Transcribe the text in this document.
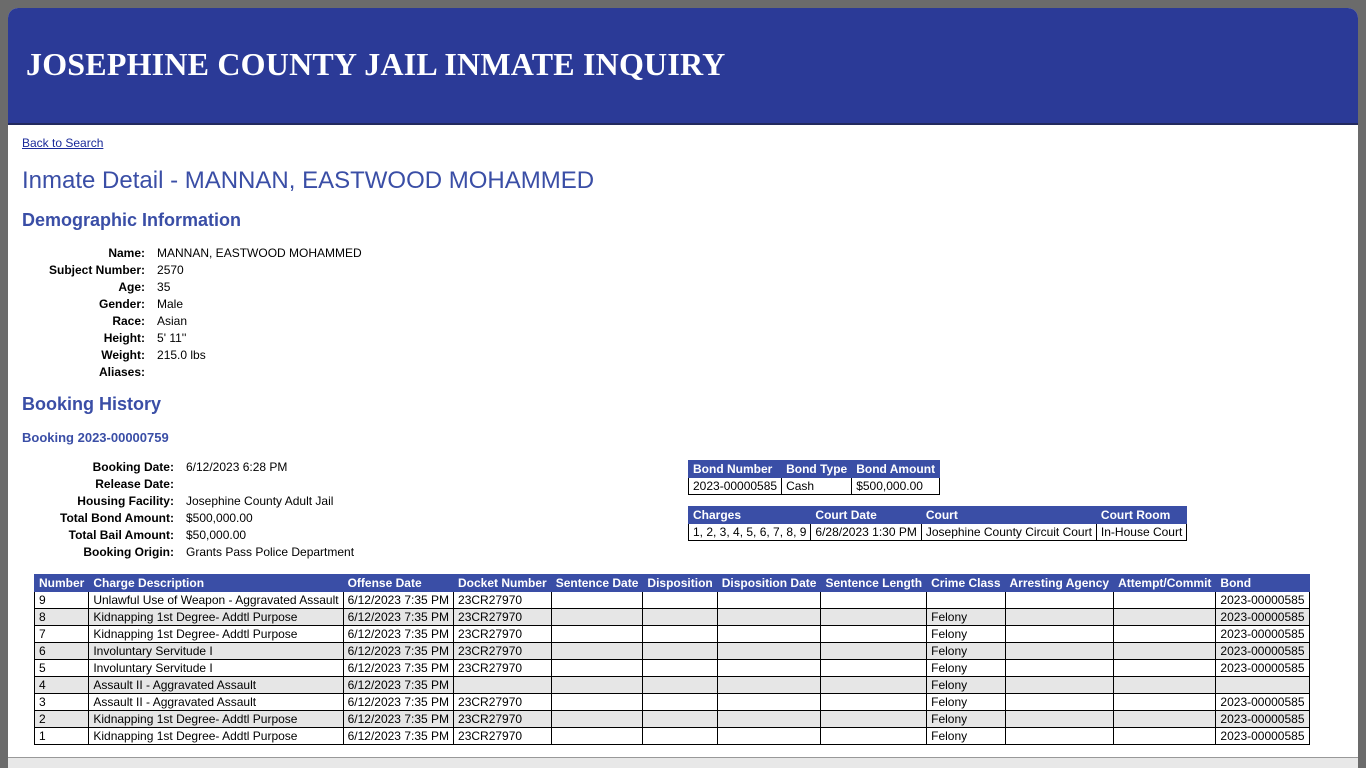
JOSEPHINE COUNTY JAIL INMATE INQUIRY
Back to Search
Inmate Detail - MANNAN, EASTWOOD MOHAMMED
Demographic Information
Name:	MANNAN, EASTWOOD MOHAMMED
Subject Number:	2570
Age:	35
Gender:	Male
Race:	Asian
Height:	5' 11''
Weight:	215.0 lbs
Aliases:	
Booking History
Booking 2023-00000759
Booking Date:	6/12/2023 6:28 PM
Release Date:	
Housing Facility:	Josephine County Adult Jail
Total Bond Amount:	$500,000.00
Total Bail Amount:	$50,000.00
Booking Origin:	Grants Pass Police Department
Bond Number	Bond Type	Bond Amount
2023-00000585	Cash	$500,000.00
Charges	Court Date	Court	Court Room
1, 2, 3, 4, 5, 6, 7, 8, 9	6/28/2023 1:30 PM	Josephine County Circuit Court	In-House Court
Number	Charge Description	Offense Date	Docket Number	Sentence Date	Disposition	Disposition Date	Sentence Length	Crime Class	Arresting Agency	Attempt/Commit	Bond
9	Unlawful Use of Weapon - Aggravated Assault	6/12/2023 7:35 PM	23CR27970								2023-00000585
8	Kidnapping 1st Degree- Addtl Purpose	6/12/2023 7:35 PM	23CR27970					Felony			2023-00000585
7	Kidnapping 1st Degree- Addtl Purpose	6/12/2023 7:35 PM	23CR27970					Felony			2023-00000585
6	Involuntary Servitude I	6/12/2023 7:35 PM	23CR27970					Felony			2023-00000585
5	Involuntary Servitude I	6/12/2023 7:35 PM	23CR27970					Felony			2023-00000585
4	Assault II - Aggravated Assault	6/12/2023 7:35 PM						Felony			
3	Assault II - Aggravated Assault	6/12/2023 7:35 PM	23CR27970					Felony			2023-00000585
2	Kidnapping 1st Degree- Addtl Purpose	6/12/2023 7:35 PM	23CR27970					Felony			2023-00000585
1	Kidnapping 1st Degree- Addtl Purpose	6/12/2023 7:35 PM	23CR27970					Felony			2023-00000585
